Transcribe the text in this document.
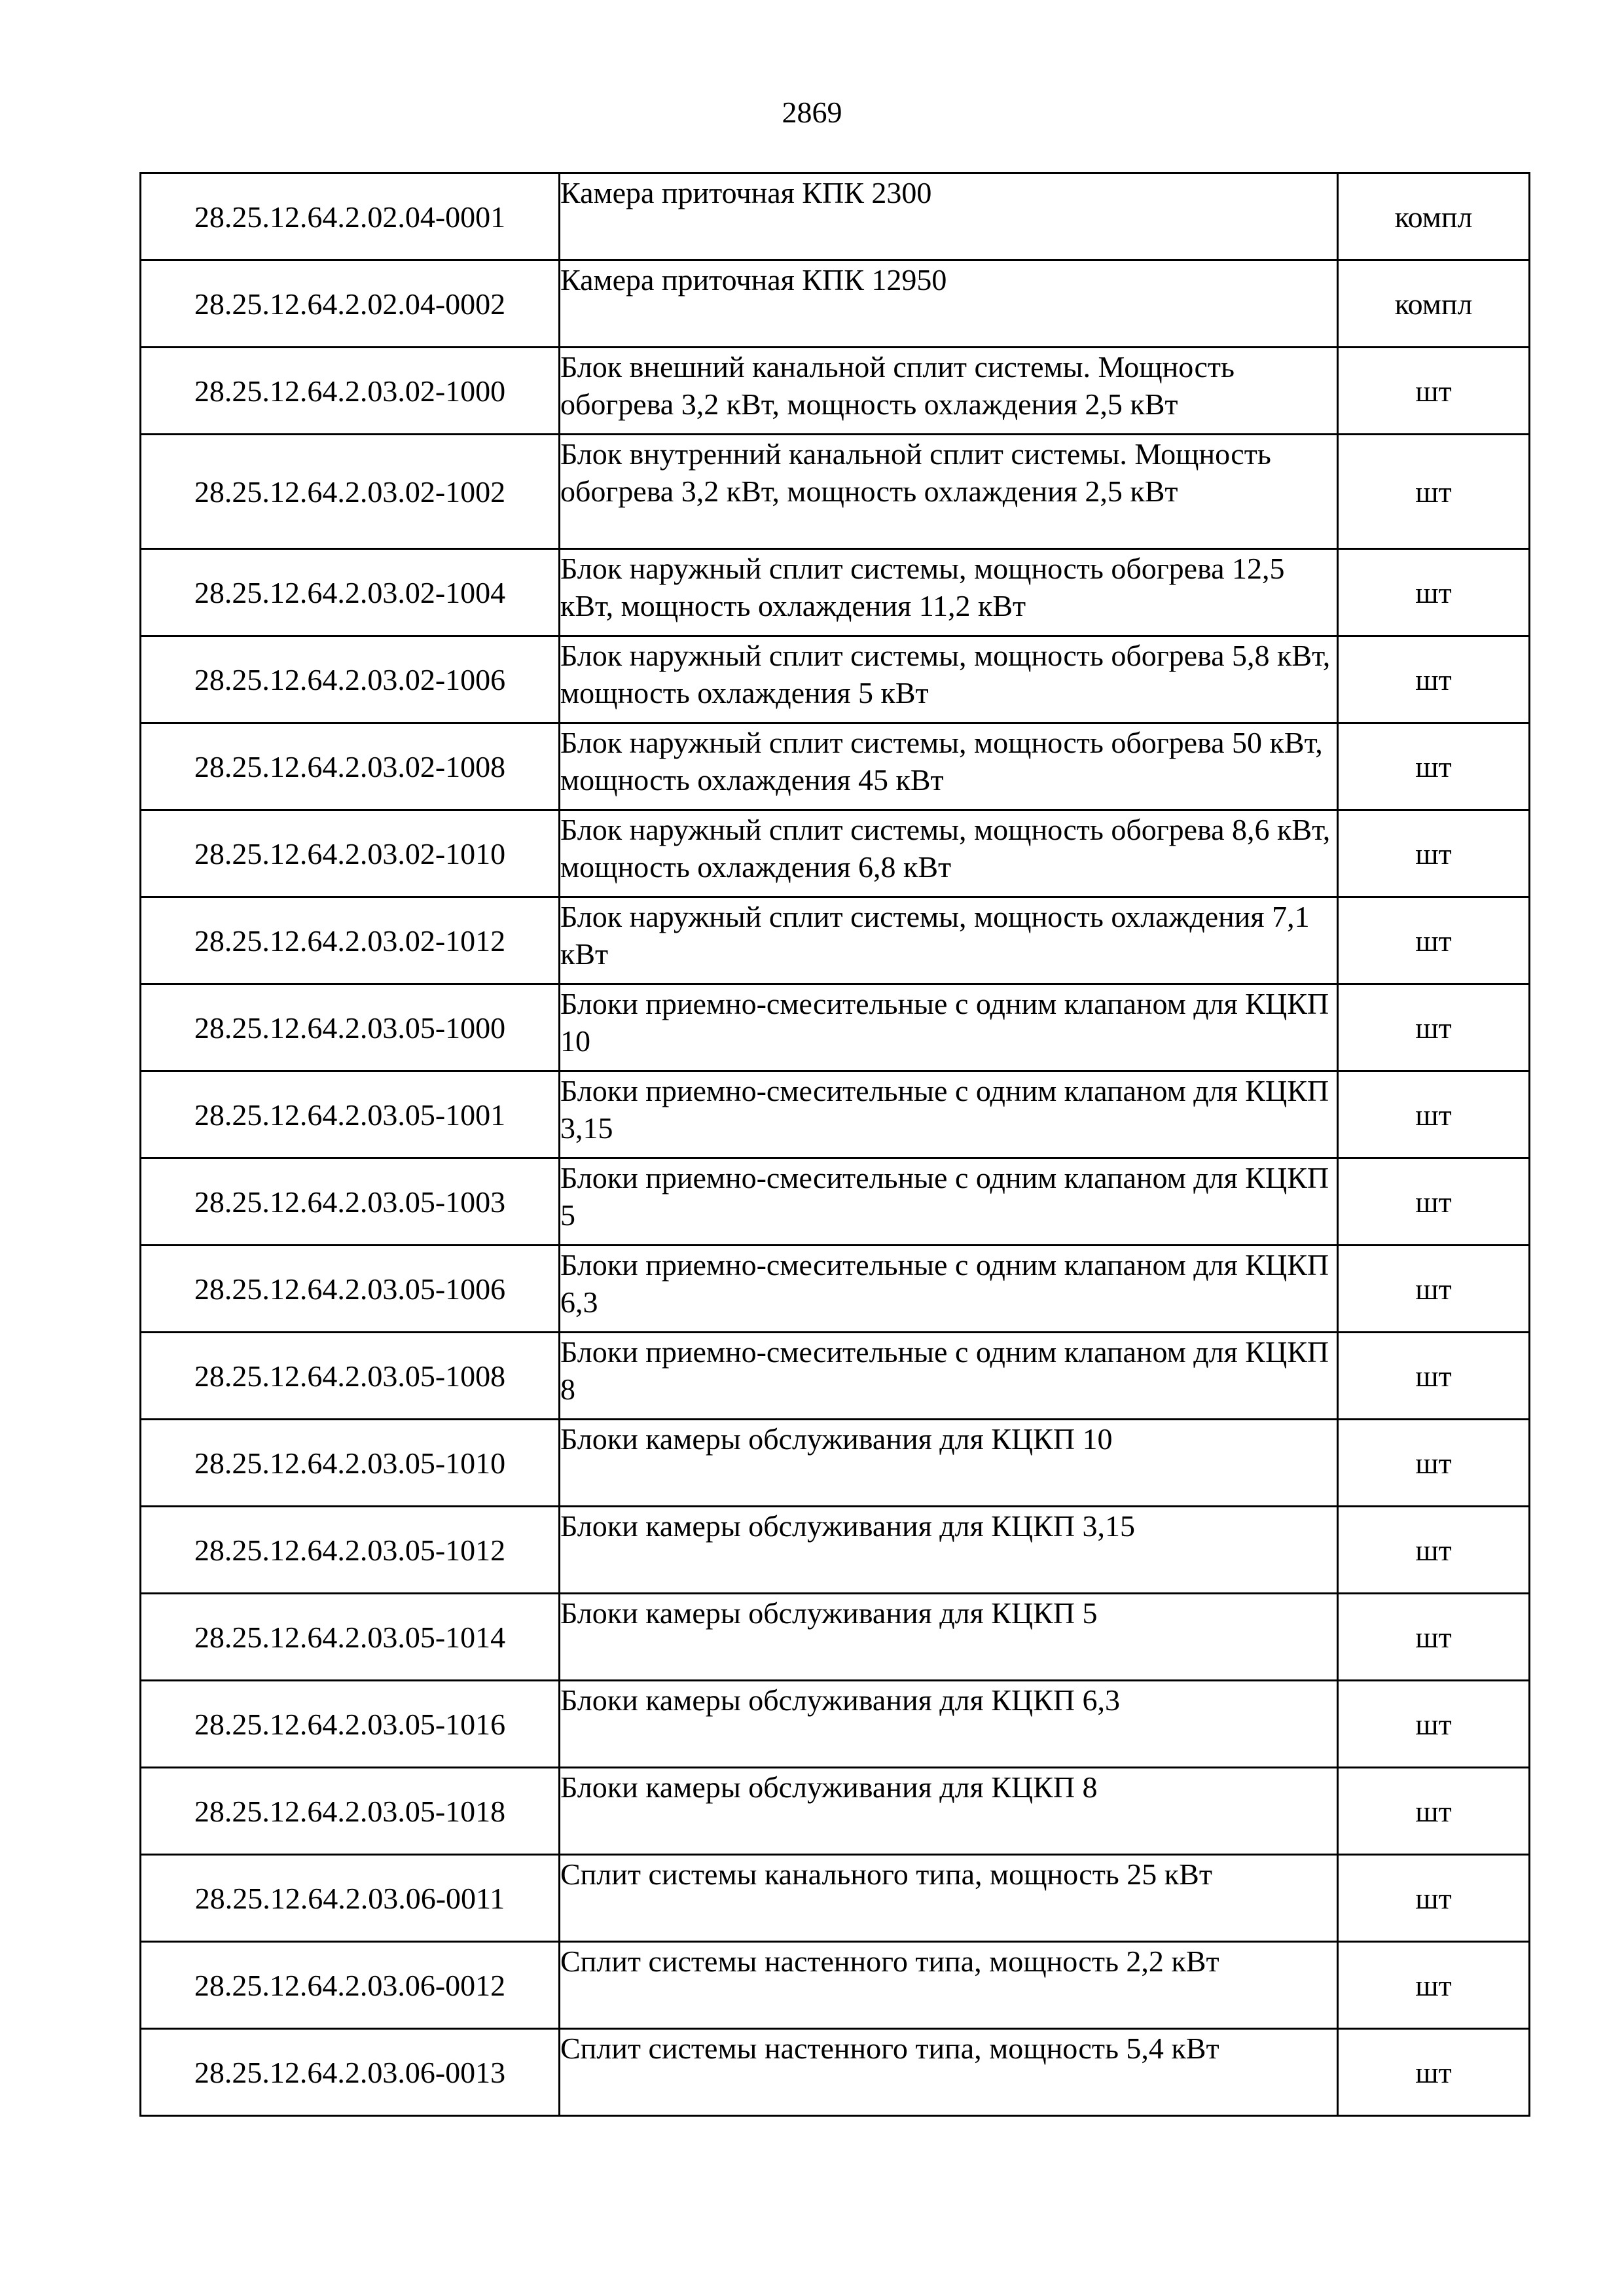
2869
28.25.12.64.2.02.04-0001	Камера приточная КПК 2300	компл
28.25.12.64.2.02.04-0002	Камера приточная КПК 12950	компл
28.25.12.64.2.03.02-1000	Блок внешний канальной сплит системы. Мощность обогрева 3,2 кВт, мощность охлаждения 2,5 кВт	шт
28.25.12.64.2.03.02-1002	Блок внутренний канальной сплит системы. Мощность обогрева 3,2 кВт, мощность охлаждения 2,5 кВт	шт
28.25.12.64.2.03.02-1004	Блок наружный сплит системы, мощность обогрева 12,5 кВт, мощность охлаждения 11,2 кВт	шт
28.25.12.64.2.03.02-1006	Блок наружный сплит системы, мощность обогрева 5,8 кВт, мощность охлаждения 5 кВт	шт
28.25.12.64.2.03.02-1008	Блок наружный сплит системы, мощность обогрева 50 кВт, мощность охлаждения 45 кВт	шт
28.25.12.64.2.03.02-1010	Блок наружный сплит системы, мощность обогрева 8,6 кВт, мощность охлаждения 6,8 кВт	шт
28.25.12.64.2.03.02-1012	Блок наружный сплит системы, мощность охлаждения 7,1 кВт	шт
28.25.12.64.2.03.05-1000	Блоки приемно-смесительные с одним клапаном для КЦКП 10	шт
28.25.12.64.2.03.05-1001	Блоки приемно-смесительные с одним клапаном для КЦКП 3,15	шт
28.25.12.64.2.03.05-1003	Блоки приемно-смесительные с одним клапаном для КЦКП 5	шт
28.25.12.64.2.03.05-1006	Блоки приемно-смесительные с одним клапаном для КЦКП 6,3	шт
28.25.12.64.2.03.05-1008	Блоки приемно-смесительные с одним клапаном для КЦКП 8	шт
28.25.12.64.2.03.05-1010	Блоки камеры обслуживания для КЦКП 10	шт
28.25.12.64.2.03.05-1012	Блоки камеры обслуживания для КЦКП 3,15	шт
28.25.12.64.2.03.05-1014	Блоки камеры обслуживания для КЦКП 5	шт
28.25.12.64.2.03.05-1016	Блоки камеры обслуживания для КЦКП 6,3	шт
28.25.12.64.2.03.05-1018	Блоки камеры обслуживания для КЦКП 8	шт
28.25.12.64.2.03.06-0011	Сплит системы канального типа, мощность 25 кВт	шт
28.25.12.64.2.03.06-0012	Сплит системы настенного типа, мощность 2,2 кВт	шт
28.25.12.64.2.03.06-0013	Сплит системы настенного типа, мощность 5,4 кВт	шт
